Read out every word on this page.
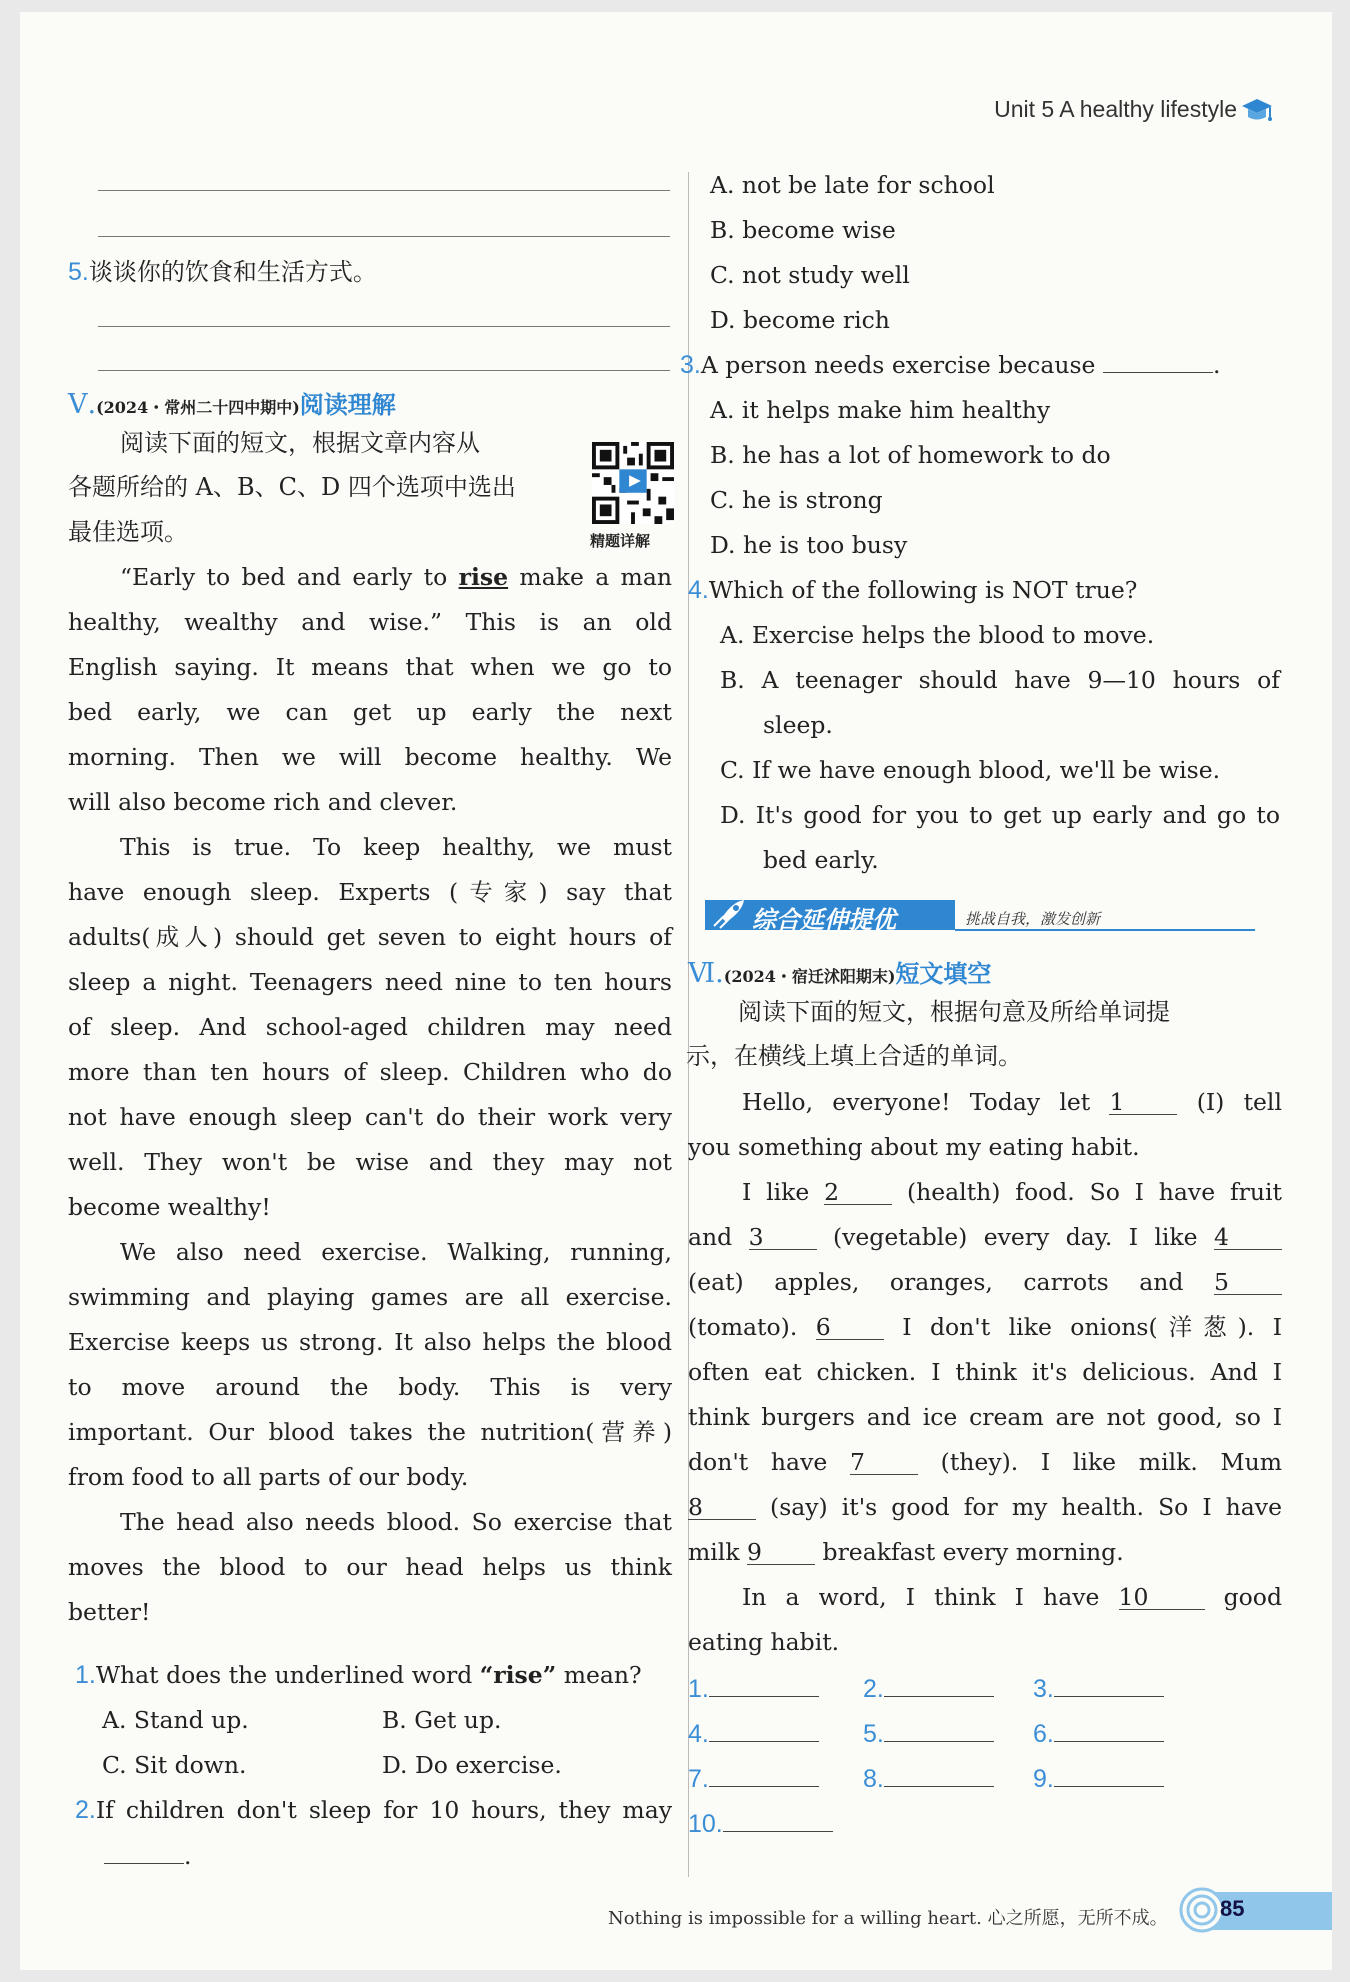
Unit 5 A healthy lifestyle
5.谈谈你的饮食和生活方式。
Ⅴ.(2024・常州二十四中期中)阅读理解
阅读下面的短文，根据文章内容从
各题所给的 A、B、C、D 四个选项中选出
最佳选项。	精题详解
“Early to bed and early to rise make a man
healthy, wealthy and wise.” This is an old
English saying. It means that when we go to
bed early, we can get up early the next
morning. Then we will become healthy. We
will also become rich and clever.
This is true. To keep healthy, we must
have enough sleep. Experts (专家) say that
adults(成人) should get seven to eight hours of
sleep a night. Teenagers need nine to ten hours
of sleep. And school-aged children may need
more than ten hours of sleep. Children who do
not have enough sleep can't do their work very
well. They won't be wise and they may not
become wealthy!
We also need exercise. Walking, running,
swimming and playing games are all exercise.
Exercise keeps us strong. It also helps the blood
to move around the body. This is very
important. Our blood takes the nutrition(营养)
from food to all parts of our body.
The head also needs blood. So exercise that
moves the blood to our head helps us think
better!
1.What does the underlined word “rise” mean?
A. Stand up.	B. Get up.
C. Sit down.	D. Do exercise.
2.If children don't sleep for 10 hours, they may
.
A. not be late for school
B. become wise
C. not study well
D. become rich
3.A person needs exercise because	.
A. it helps make him healthy
B. he has a lot of homework to do
C. he is strong
D. he is too busy
4.Which of the following is NOT true?
A. Exercise helps the blood to move.
B. A teenager should have 9—10 hours of
sleep.
C. If we have enough blood, we'll be wise.
D. It's good for you to get up early and go to
bed early.
综合延伸提优	挑战自我，激发创新
Ⅵ.(2024・宿迁沭阳期末)短文填空
阅读下面的短文，根据句意及所给单词提
示，在横线上填上合适的单词。
Hello, everyone! Today let 1	(I) tell
you something about my eating habit.
I like 2	(health) food. So I have fruit
and 3	(vegetable) every day. I like 4
(eat) apples, oranges, carrots and 5
(tomato). 6	I don't like onions(洋葱). I
often eat chicken. I think it's delicious. And I
think burgers and ice cream are not good, so I
don't have 7	(they). I like milk. Mum
8	(say) it's good for my health. So I have
milk 9	breakfast every morning.
In a word, I think I have 10	good
eating habit.
1.	2.	3.
4.	5.	6.
7.	8.	9.
10.
Nothing is impossible for a willing heart. 心之所愿，无所不成。 85
